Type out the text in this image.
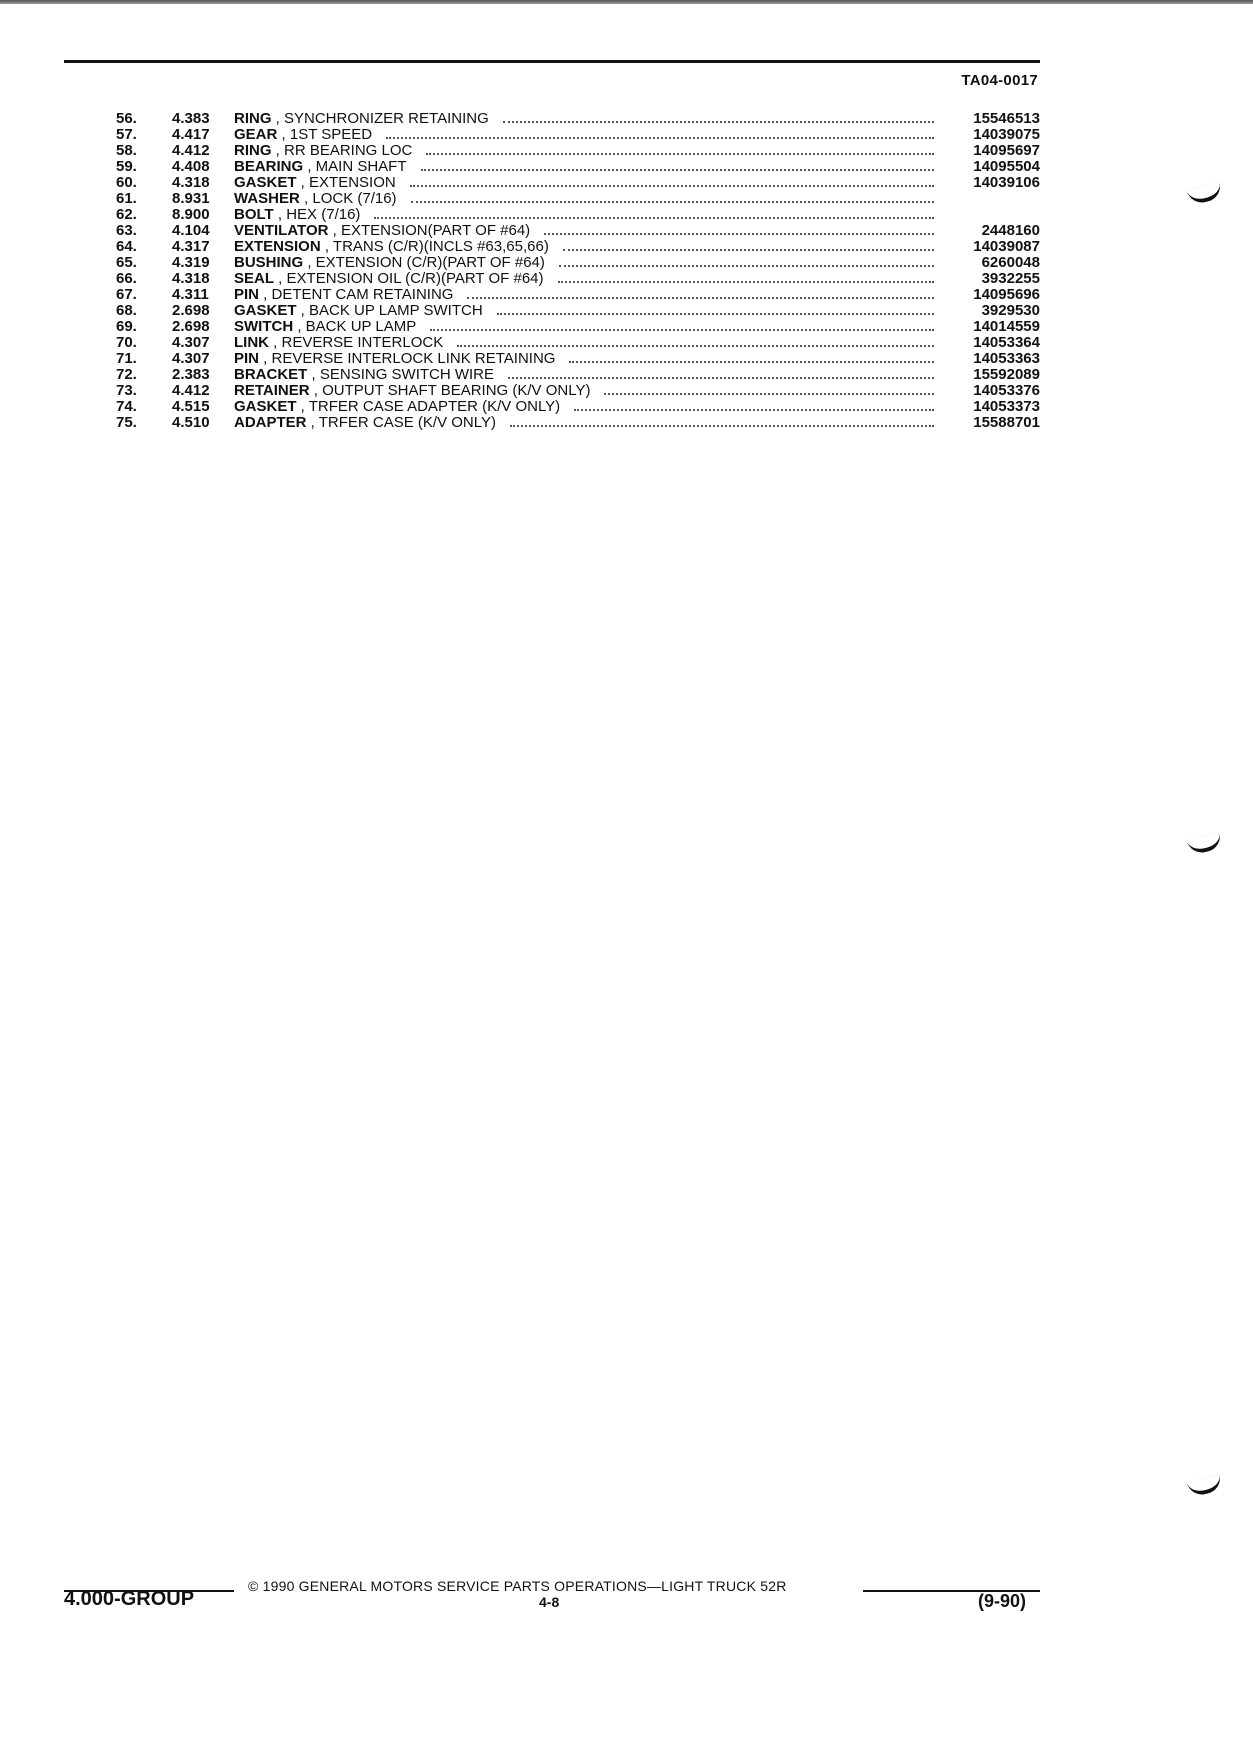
TA04-0017
56.	4.383	RING , SYNCHRONIZER RETAINING	15546513
57.	4.417	GEAR , 1ST SPEED	14039075
58.	4.412	RING , RR BEARING LOC	14095697
59.	4.408	BEARING , MAIN SHAFT	14095504
60.	4.318	GASKET , EXTENSION	14039106
61.	8.931	WASHER , LOCK (7/16)
62.	8.900	BOLT , HEX (7/16)
63.	4.104	VENTILATOR , EXTENSION(PART OF #64)	2448160
64.	4.317	EXTENSION , TRANS (C/R)(INCLS #63,65,66)	14039087
65.	4.319	BUSHING , EXTENSION (C/R)(PART OF #64)	6260048
66.	4.318	SEAL , EXTENSION OIL (C/R)(PART OF #64)	3932255
67.	4.311	PIN , DETENT CAM RETAINING	14095696
68.	2.698	GASKET , BACK UP LAMP SWITCH	3929530
69.	2.698	SWITCH , BACK UP LAMP	14014559
70.	4.307	LINK , REVERSE INTERLOCK	14053364
71.	4.307	PIN , REVERSE INTERLOCK LINK RETAINING	14053363
72.	2.383	BRACKET , SENSING SWITCH WIRE	15592089
73.	4.412	RETAINER , OUTPUT SHAFT BEARING (K/V ONLY)	14053376
74.	4.515	GASKET , TRFER CASE ADAPTER (K/V ONLY)	14053373
75.	4.510	ADAPTER , TRFER CASE (K/V ONLY)	15588701
© 1990 GENERAL MOTORS SERVICE PARTS OPERATIONS—LIGHT TRUCK 52R
4.000-GROUP	4-8	(9-90)
